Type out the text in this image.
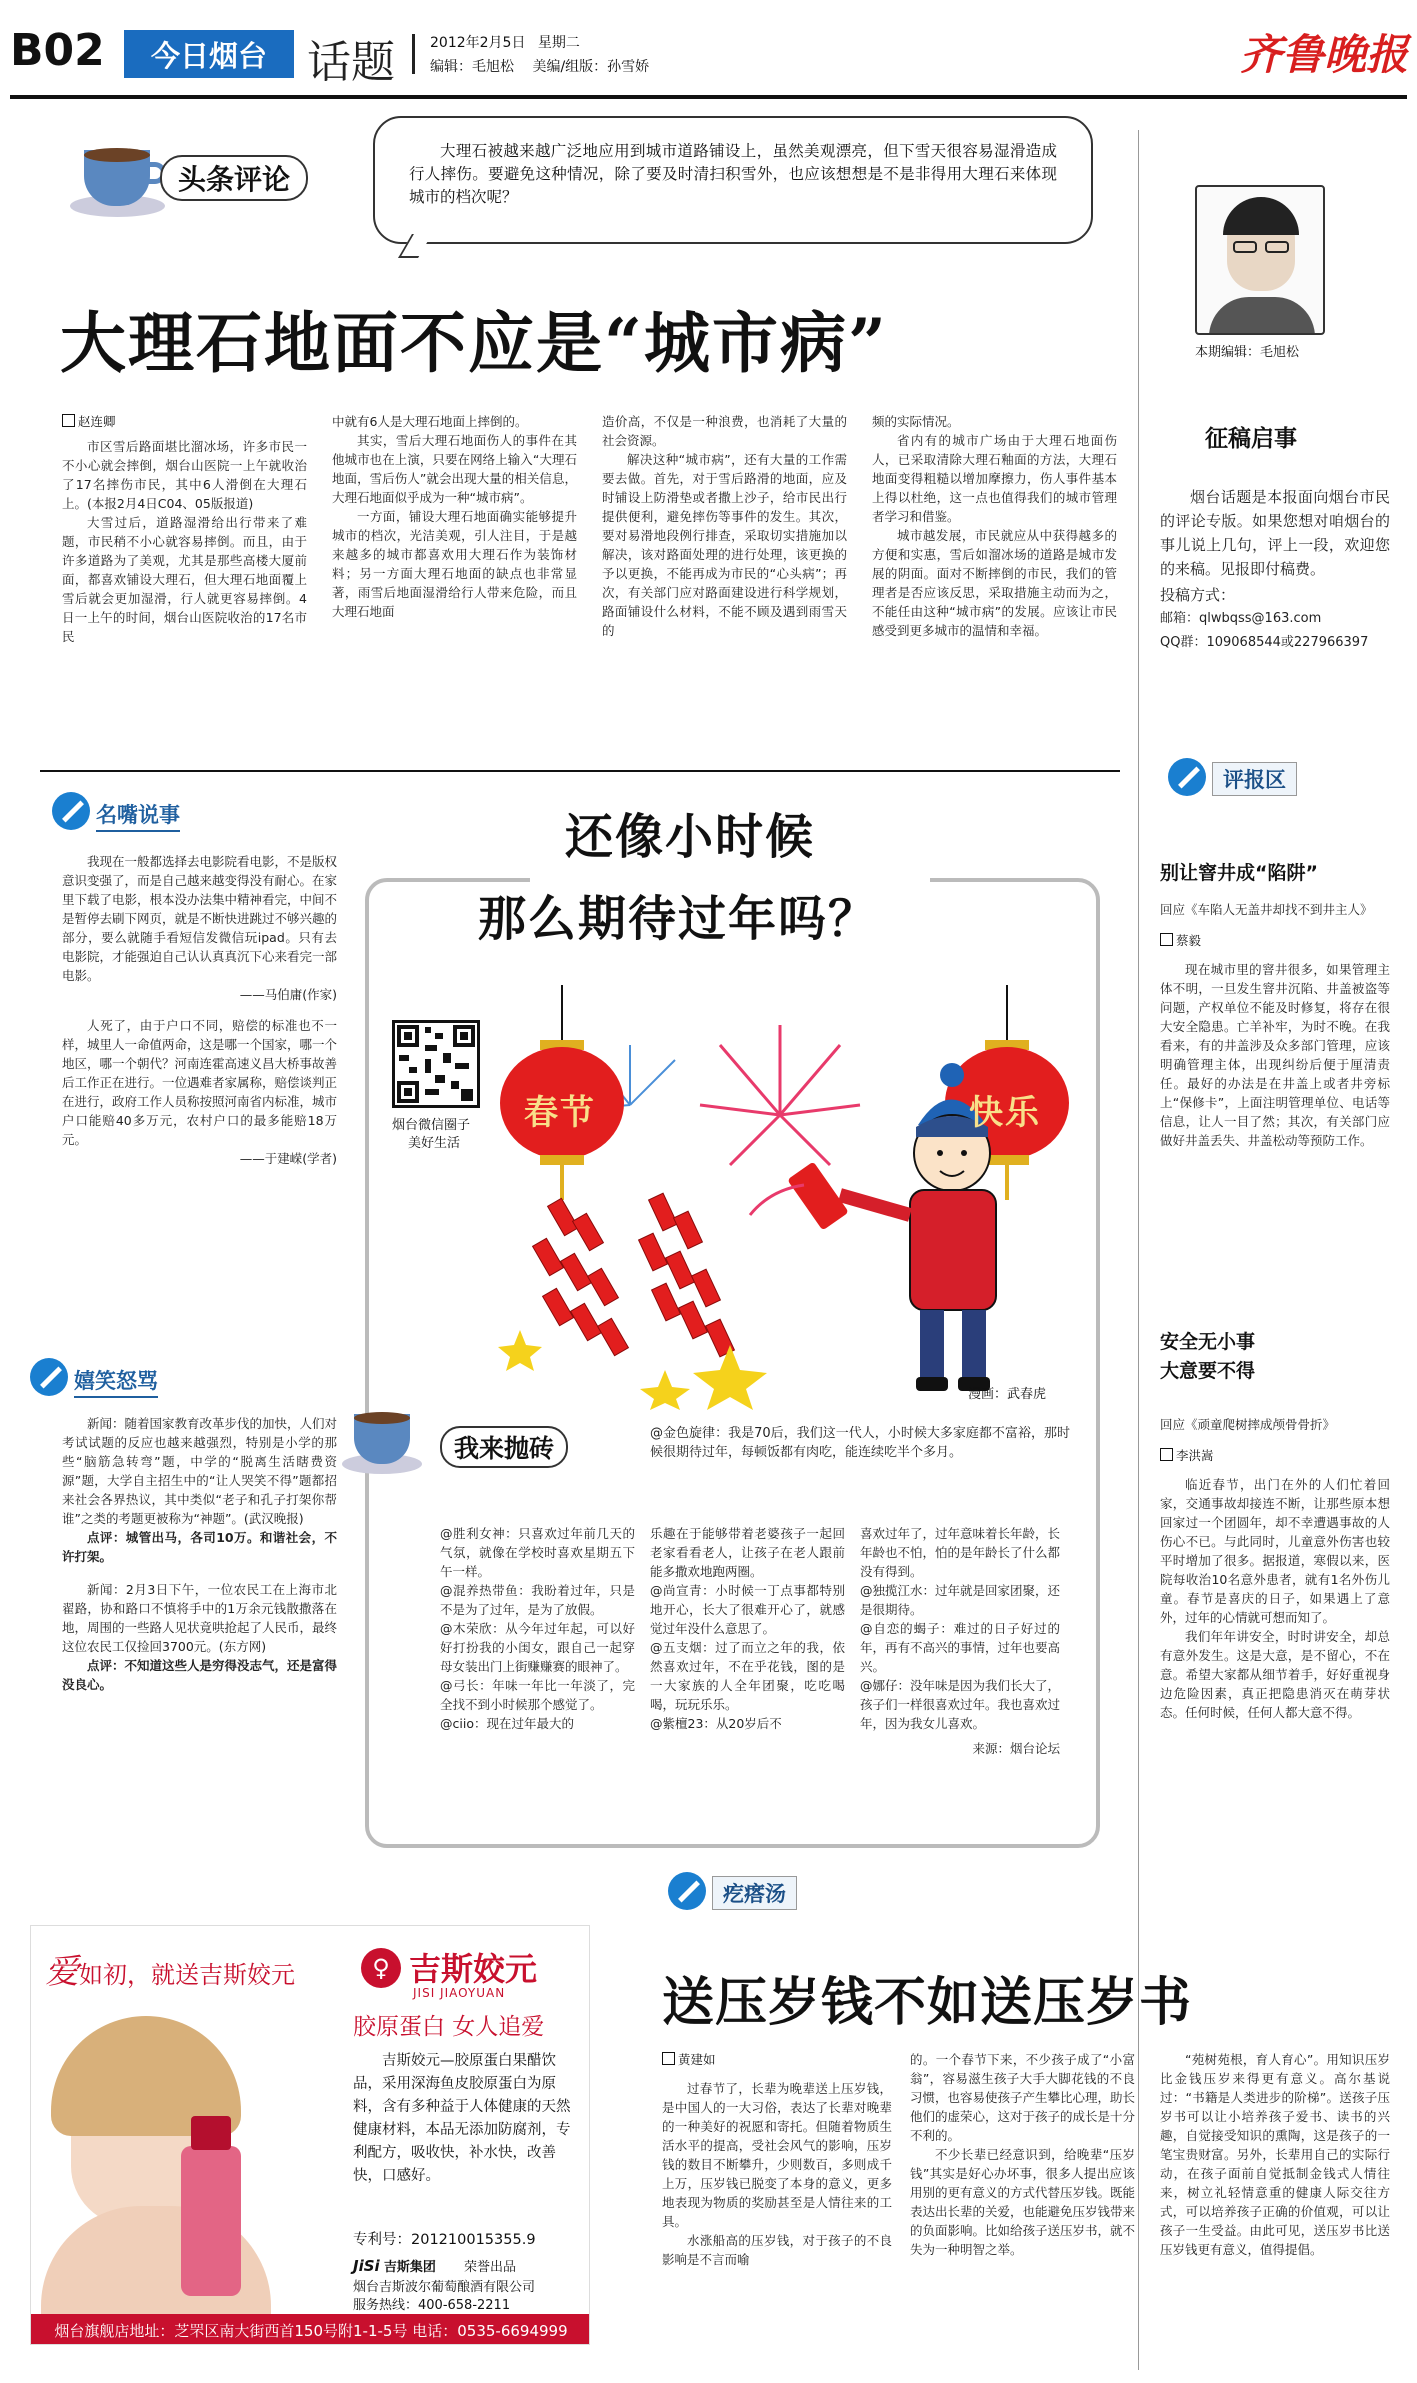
B02	今日烟台 话题	2012年2月5日 星期二
编辑：毛旭松 美编/组版：孙雪娇	齐鲁晚报
头条评论
大理石被越来越广泛地应用到城市道路铺设上，虽然美观漂亮，但下雪天很容易湿滑造成行人摔伤。要避免这种情况，除了要及时清扫积雪外，也应该想想是不是非得用大理石来体现城市的档次呢？
大理石地面不应是“城市病”
赵连卿

市区雪后路面堪比溜冰场，许多市民一不小心就会摔倒，烟台山医院一上午就收治了17名摔伤市民，其中6人滑倒在大理石上。(本报2月4日C04、05版报道)

大雪过后，道路湿滑给出行带来了难题，市民稍不小心就容易摔倒。而且，由于许多道路为了美观，尤其是那些高楼大厦前面，都喜欢铺设大理石，但大理石地面覆上雪后就会更加湿滑，行人就更容易摔倒。4日一上午的时间，烟台山医院收治的17名市民

中就有6人是大理石地面上摔倒的。

其实，雪后大理石地面伤人的事件在其他城市也在上演，只要在网络上输入“大理石地面，雪后伤人”就会出现大量的相关信息，大理石地面似乎成为一种“城市病”。

一方面，铺设大理石地面确实能够提升城市的档次，光洁美观，引人注目，于是越来越多的城市都喜欢用大理石作为装饰材料；另一方面大理石地面的缺点也非常显著，雨雪后地面湿滑给行人带来危险，而且大理石地面

造价高，不仅是一种浪费，也消耗了大量的社会资源。

解决这种“城市病”，还有大量的工作需要去做。首先，对于雪后路滑的地面，应及时铺设上防滑垫或者撒上沙子，给市民出行提供便利，避免摔伤等事件的发生。其次，要对易滑地段例行排查，采取切实措施加以解决，该对路面处理的进行处理，该更换的予以更换，不能再成为市民的“心头病”；再次，有关部门应对路面建设进行科学规划，路面铺设什么材料，不能不顾及遇到雨雪天的

频的实际情况。

省内有的城市广场由于大理石地面伤人，已采取清除大理石釉面的方法，大理石地面变得粗糙以增加摩擦力，伤人事件基本上得以杜绝，这一点也值得我们的城市管理者学习和借鉴。

城市越发展，市民就应从中获得越多的方便和实惠，雪后如溜冰场的道路是城市发展的阴面。面对不断摔倒的市民，我们的管理者是否应该反思，采取措施主动而为之，不能任由这种“城市病”的发展。应该让市民感受到更多城市的温情和幸福。

本期编辑：毛旭松
征稿启事

烟台话题是本报面向烟台市民的评论专版。如果您想对咱烟台的事儿说上几句，评上一段，欢迎您的来稿。见报即付稿费。

投稿方式：
邮箱：qlwbqss@163.com
QQ群：109068544或227966397
名嘴说事

我现在一般都选择去电影院看电影，不是版权意识变强了，而是自己越来越变得没有耐心。在家里下载了电影，根本没办法集中精神看完，中间不是暂停去刷下网页，就是不断快进跳过不够兴趣的部分，要么就随手看短信发微信玩ipad。只有去电影院，才能强迫自己认认真真沉下心来看完一部电影。

——马伯庸(作家)

人死了，由于户口不同，赔偿的标准也不一样，城里人一命值两命，这是哪一个国家，哪一个地区，哪一个朝代？河南连霍高速义昌大桥事故善后工作正在进行。一位遇难者家属称，赔偿谈判正在进行，政府工作人员称按照河南省内标准，城市户口能赔40多万元，农村户口的最多能赔18万元。

——于建嵘(学者)
嬉笑怒骂

新闻：随着国家教育改革步伐的加快，人们对考试试题的反应也越来越强烈，特别是小学的那些“脑筋急转弯”题，中学的“脱离生活瞎费资源”题，大学自主招生中的“让人哭笑不得”题都招来社会各界热议，其中类似“老子和孔子打架你帮谁”之类的考题更被称为“神题”。(武汉晚报)

点评：城管出马，各司10万。和谐社会，不许打架。

新闻：2月3日下午，一位农民工在上海市北翟路，协和路口不慎将手中的1万余元钱散撒落在地，周围的一些路人见状竟哄抢起了人民币，最终这位农民工仅捡回3700元。(东方网)

点评：不知道这些人是穷得没志气，还是富得没良心。

还像小时候
那么期待过年吗？
烟台微信圈子
美好生活
春节	快乐
漫画：武春虎
我来抛砖

@金色旋律：我是70后，我们这一代人，小时候大多家庭都不富裕，那时候很期待过年，每顿饭都有肉吃，能连续吃半个多月。

@胜利女神：只喜欢过年前几天的气氛，就像在学校时喜欢星期五下午一样。

@混养热带鱼：我盼着过年，只是不是为了过年，是为了放假。

@木荣欣：从今年过年起，可以好好打扮我的小闺女，跟自己一起穿母女装出门上街赚赚赛的眼神了。

@弓长：年味一年比一年淡了，完全找不到小时候那个感觉了。

@ciio：现在过年最大的

乐趣在于能够带着老婆孩子一起回老家看看老人，让孩子在老人跟前能多撒欢地跑两圈。

@尚宣青：小时候一丁点事都特别地开心，长大了很难开心了，就感觉过年没什么意思了。

@五支烟：过了而立之年的我，依然喜欢过年，不在乎花钱，图的是一大家族的人全年团聚，吃吃喝喝，玩玩乐乐。

@紫檀23：从20岁后不

喜欢过年了，过年意味着长年龄，长年龄也不怕，怕的是年龄长了什么都没有得到。

@独揽江水：过年就是回家团聚，还是很期待。

@自恋的蝎子：难过的日子好过的年，再有不高兴的事情，过年也要高兴。

@娜仔：没年味是因为我们长大了，孩子们一样很喜欢过年。我也喜欢过年，因为我女儿喜欢。

来源：烟台论坛
评报区
别让窨井成“陷阱”
回应《车陷人无盖井却找不到井主人》
蔡毅

现在城市里的窨井很多，如果管理主体不明，一旦发生窨井沉陷、井盖被盗等问题，产权单位不能及时修复，将存在很大安全隐患。亡羊补牢，为时不晚。在我看来，有的井盖涉及众多部门管理，应该明确管理主体，出现纠纷后便于厘清责任。最好的办法是在井盖上或者井旁标上“保修卡”，上面注明管理单位、电话等信息，让人一目了然；其次，有关部门应做好井盖丢失、井盖松动等预防工作。

安全无小事
大意要不得
回应《顽童爬树摔成颅骨骨折》
李洪嵩

临近春节，出门在外的人们忙着回家，交通事故却接连不断，让那些原本想回家过一个团圆年，却不幸遭遇事故的人伤心不已。与此同时，儿童意外伤害也较平时增加了很多。据报道，寒假以来，医院每收治10名意外患者，就有1名外伤儿童。春节是喜庆的日子，如果遇上了意外，过年的心情就可想而知了。

我们年年讲安全，时时讲安全，却总有意外发生。这是大意，是不留心，不在意。希望大家都从细节着手，好好重视身边危险因素，真正把隐患消灭在萌芽状态。任何时候，任何人都大意不得。

爱如初，就送吉斯姣元	♀ 吉斯姣元
JISI JIAOYUAN
胶原蛋白 女人追爱
吉斯姣元—胶原蛋白果醋饮品，采用深海鱼皮胶原蛋白为原料，含有多种益于人体健康的天然健康材料，本品无添加防腐剂，专利配方，吸收快，补水快，改善快，口感好。
专利号：201210015355.9
JiSi 吉斯集团 荣誉出品
烟台吉斯波尔葡萄酿酒有限公司
服务热线：400-658-2211
烟台旗舰店地址：芝罘区南大街西首150号附1-1-5号 电话：0535-6694999
疙瘩汤
送压岁钱不如送压岁书
黄建如

过春节了，长辈为晚辈送上压岁钱，是中国人的一大习俗，表达了长辈对晚辈的一种美好的祝愿和寄托。但随着物质生活水平的提高，受社会风气的影响，压岁钱的数目不断攀升，少则数百，多则成千上万，压岁钱已脱变了本身的意义，更多地表现为物质的奖励甚至是人情往来的工具。

水涨船高的压岁钱，对于孩子的不良影响是不言而喻

的。一个春节下来，不少孩子成了“小富翁”，容易滋生孩子大手大脚花钱的不良习惯，也容易使孩子产生攀比心理，助长他们的虚荣心，这对于孩子的成长是十分不利的。

不少长辈已经意识到，给晚辈“压岁钱”其实是好心办坏事，很多人提出应该用别的更有意义的方式代替压岁钱。既能表达出长辈的关爱，也能避免压岁钱带来的负面影响。比如给孩子送压岁书，就不失为一种明智之举。

“苑树苑根，育人育心”。用知识压岁比金钱压岁来得更有意义。高尔基说过：“书籍是人类进步的阶梯”。送孩子压岁书可以让小培养孩子爱书、读书的兴趣，自觉接受知识的熏陶，这是孩子的一笔宝贵财富。另外，长辈用自己的实际行动，在孩子面前自觉抵制金钱式人情往来，树立礼轻情意重的健康人际交往方式，可以培养孩子正确的价值观，可以让孩子一生受益。由此可见，送压岁书比送压岁钱更有意义，值得提倡。
